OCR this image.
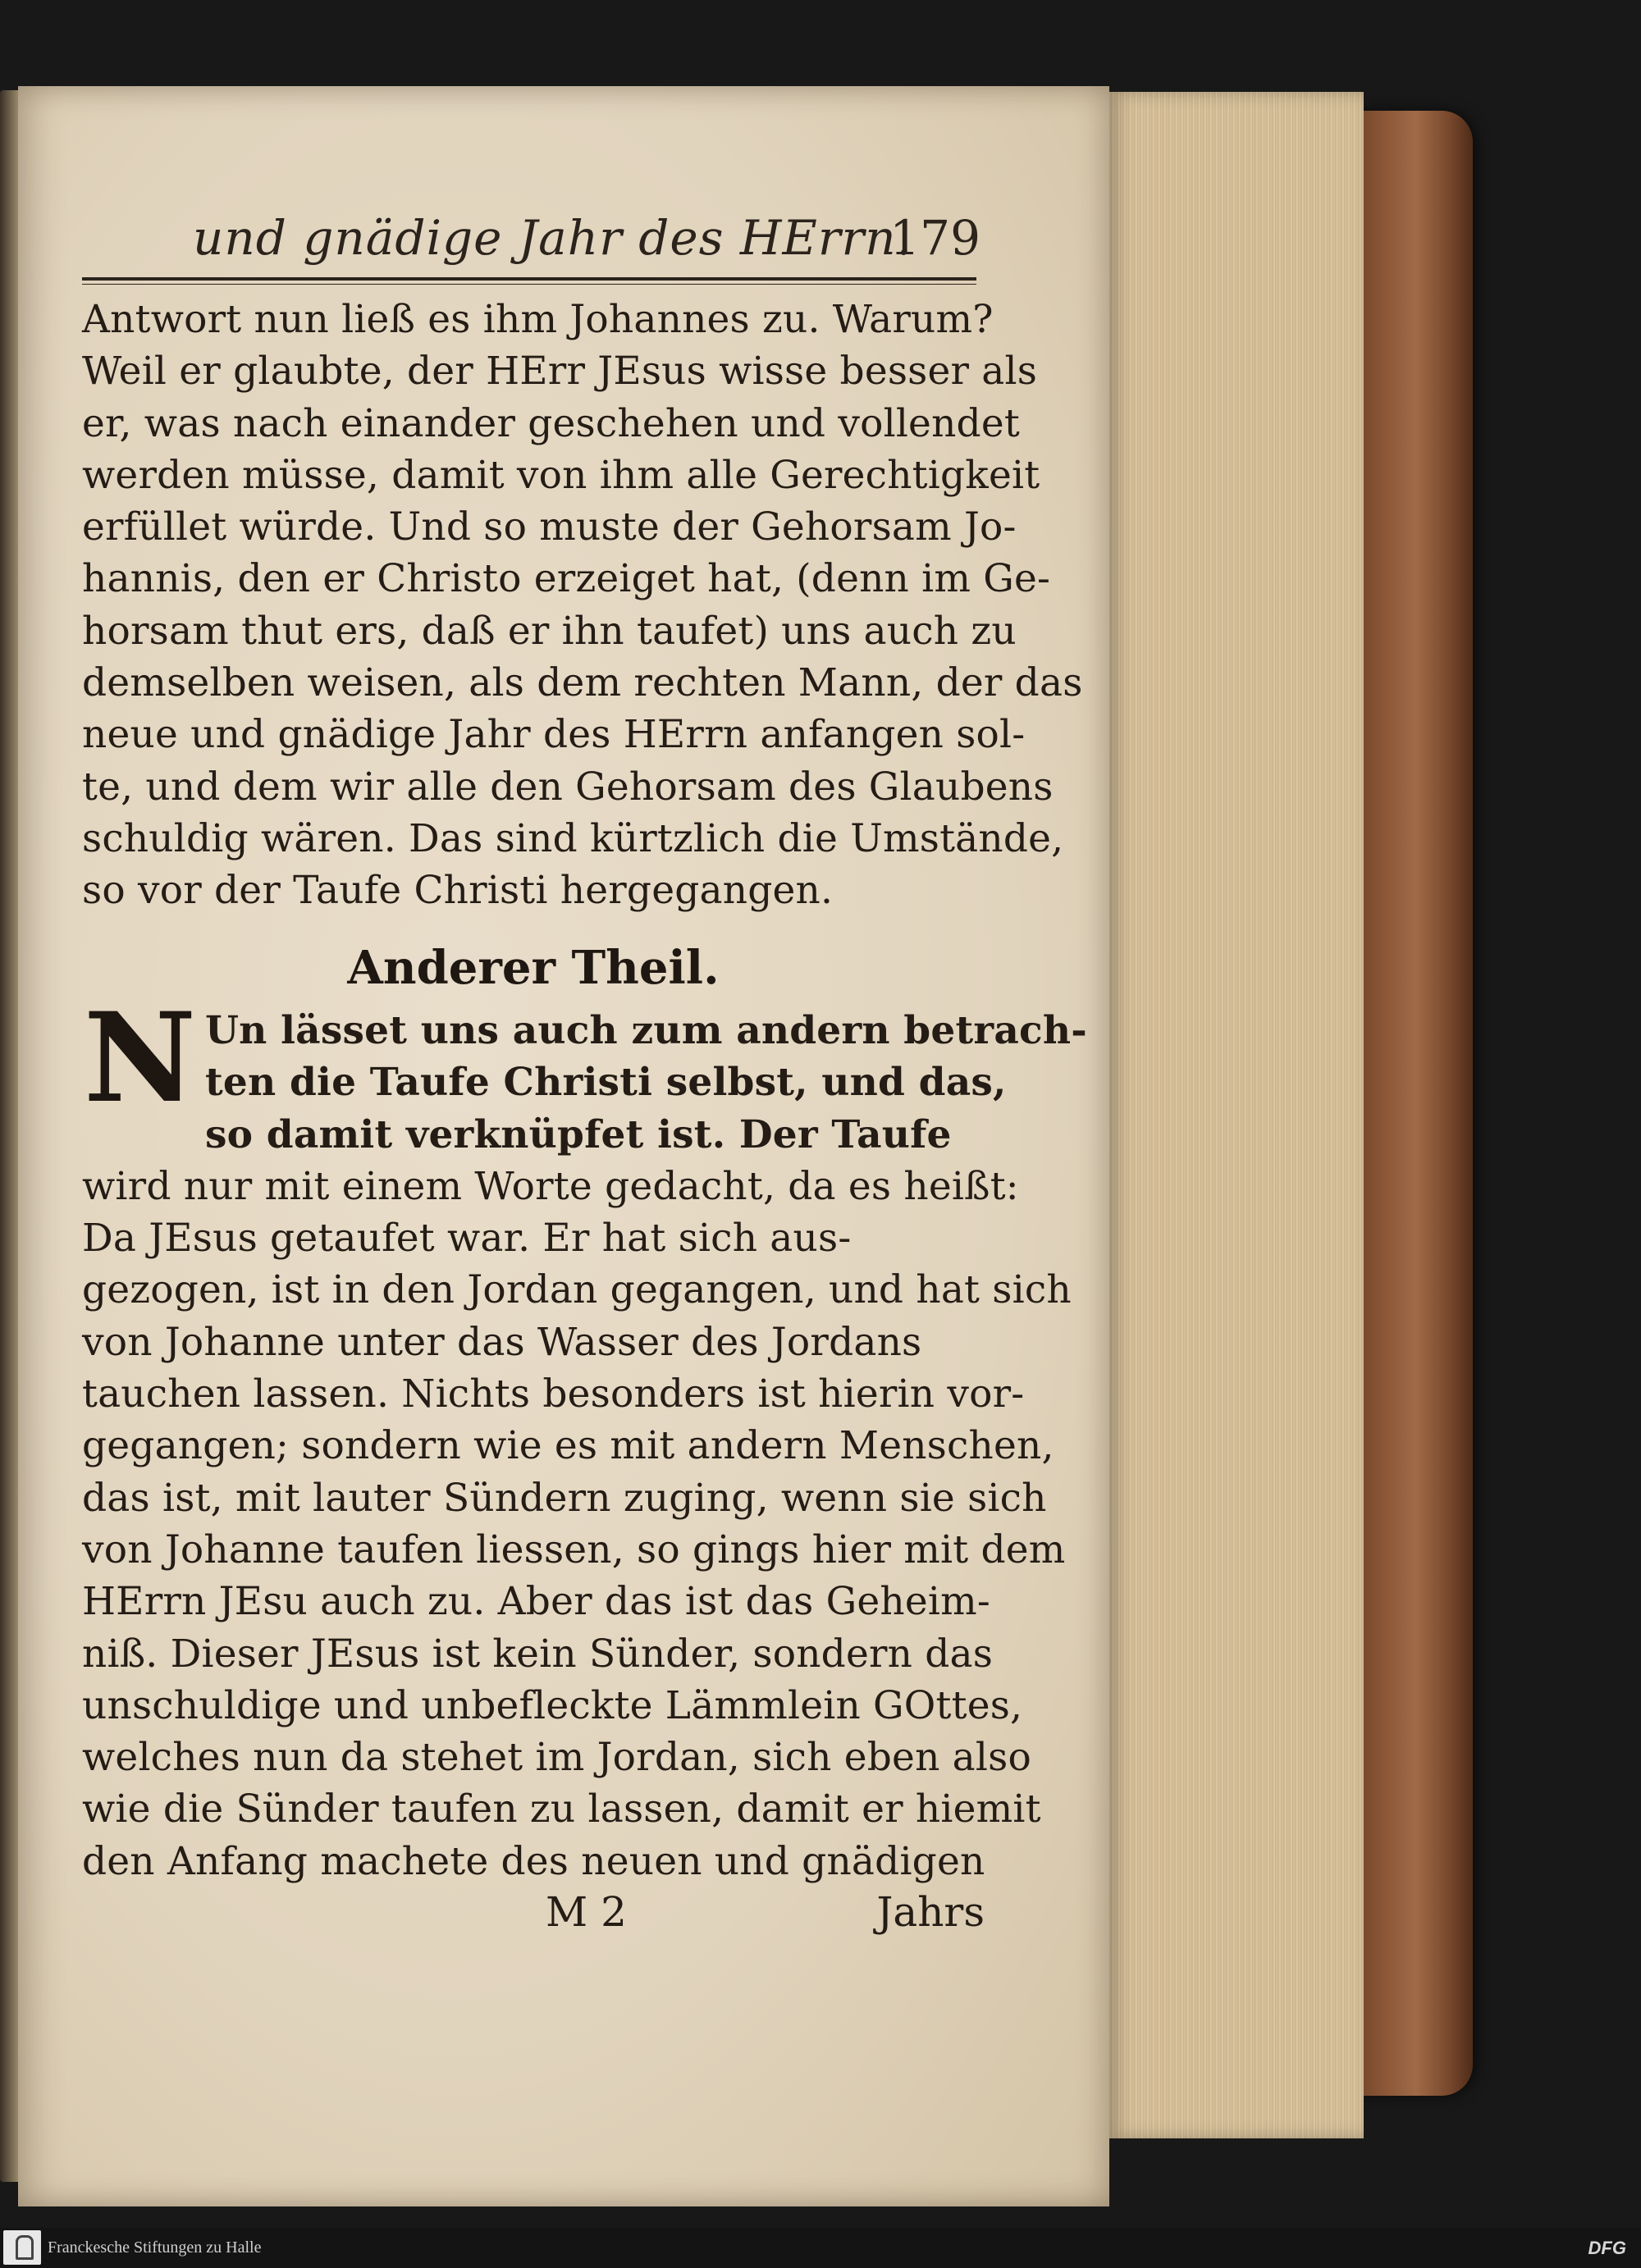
und gnädige Jahr des HErrn.
179
Antwort nun ließ es ihm Johannes zu. Warum?
Weil er glaubte, der HErr JEsus wisse besser als
er, was nach einander geschehen und vollendet
werden müsse, damit von ihm alle Gerechtigkeit
erfüllet würde. Und so muste der Gehorsam Jo-
hannis, den er Christo erzeiget hat, (denn im Ge-
horsam thut ers, daß er ihn taufet) uns auch zu
demselben weisen, als dem rechten Mann, der das
neue und gnädige Jahr des HErrn anfangen sol-
te, und dem wir alle den Gehorsam des Glaubens
schuldig wären. Das sind kürtzlich die Umstände,
so vor der Taufe Christi hergegangen.
Anderer Theil.
N Un lässet uns auch zum andern betrach-
ten die Taufe Christi selbst, und das,
so damit verknüpfet ist. Der Taufe
wird nur mit einem Worte gedacht, da es heißt:
Da JEsus getaufet war. Er hat sich aus-
gezogen, ist in den Jordan gegangen, und hat sich
von Johanne unter das Wasser des Jordans
tauchen lassen. Nichts besonders ist hierin vor-
gegangen; sondern wie es mit andern Menschen,
das ist, mit lauter Sündern zuging, wenn sie sich
von Johanne taufen liessen, so gings hier mit dem
HErrn JEsu auch zu. Aber das ist das Geheim-
niß. Dieser JEsus ist kein Sünder, sondern das
unschuldige und unbefleckte Lämmlein GOttes,
welches nun da stehet im Jordan, sich eben also
wie die Sünder taufen zu lassen, damit er hiemit
den Anfang machete des neuen und gnädigen
M 2	Jahrs
Franckesche Stiftungen zu Halle	DFG
